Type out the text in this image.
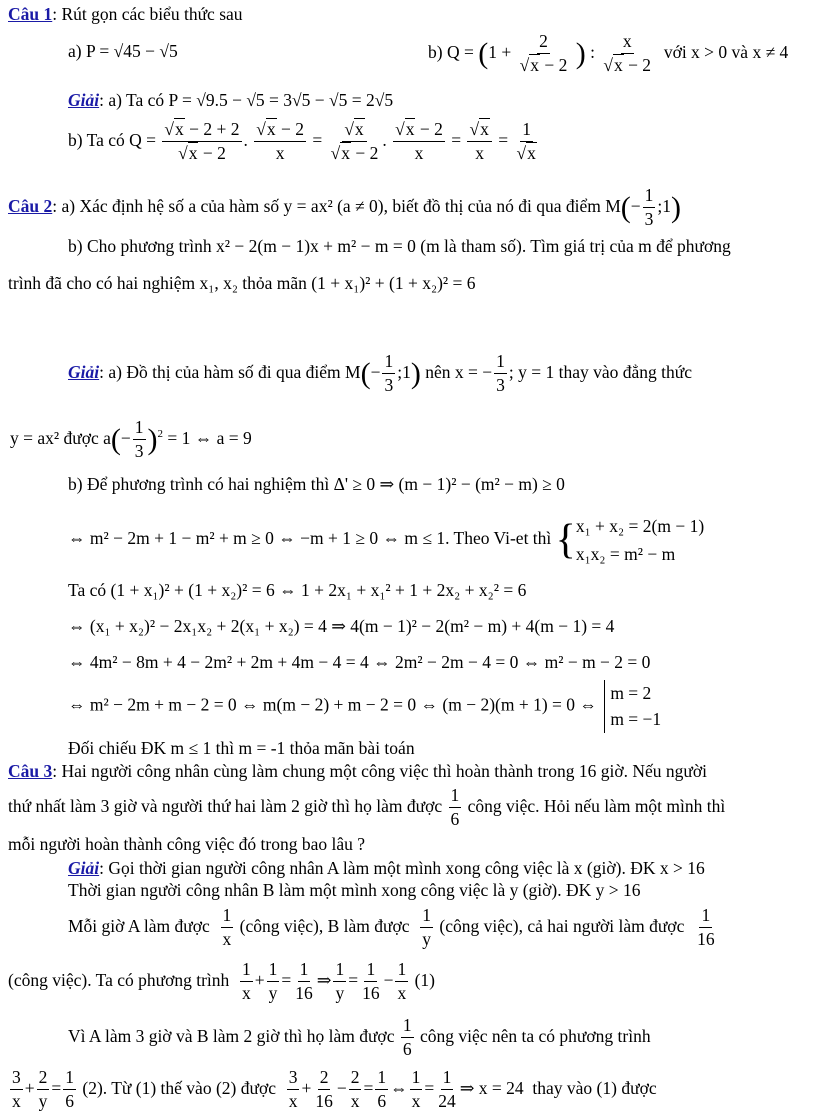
Câu 1: Rút gọn các biểu thức sau
a) P = √45 − √5	b) $Q = (1 + \frac{2}{√x - 2}$ ) : $\frac{x}{√x - 2}$ với x > 0 và x ≠ 4
Giải: a) Ta có P = √9.5 − √5 = 3√5 − √5 = 2√5
b) Ta có $Q = \frac{√x - 2 + 2}{√x - 2}$ . $\frac{√x - 2}{x} = \frac{√x}{√x - 2}$ . $\frac{√x - 2}{x} = \frac{√x}{x} = \frac{1}{√x}$
Câu 2: a) Xác định hệ số a của hàm số y = ax² (a ≠ 0), biết đồ thị của nó đi qua điểm $M(- \frac{1}{3}$ ;1)
b) Cho phương trình x² − 2(m − 1)x + m² − m = 0 (m là tham số). Tìm giá trị của m để phương
trình đã cho có hai nghiệm x₁, x₂ thỏa mãn (1 + x₁)² + (1 + x₂)² = 6
Giải: a) Đồ thị của hàm số đi qua điểm $M(- \frac{1}{3}$ ;1) nên x = − $\frac{1}{3}$ ; y = 1 thay vào đẳng thức
y = ax² được $a(- \frac{1}{3} )^2 = 1$ ⇔ a = 9
b) Để phương trình có hai nghiệm thì Δ' ≥ 0 ⇒ (m − 1)² − (m² − m) ≥ 0
⇔ m² − 2m + 1 − m² + m ≥ 0 ⇔ −m + 1 ≥ 0 ⇔ m ≤ 1. Theo Vi-et thì {x₁ + x₂ = 2(m − 1)
x₁x₂ = m² − m
Ta có (1 + x₁)² + (1 + x₂)² = 6 ⇔ 1 + 2x₁ + x₁² + 1 + 2x₂ + x₂² = 6
⇔ (x₁ + x₂)² − 2x₁x₂ + 2(x₁ + x₂) = 4 ⇒ 4(m − 1)² − 2(m² − m) + 4(m − 1) = 4
⇔ 4m² − 8m + 4 − 2m² + 2m + 4m − 4 = 4 ⇔ 2m² − 2m − 4 = 0 ⇔ m² − m − 2 = 0
⇔ m² − 2m + m − 2 = 0 ⇔ m(m − 2) + m − 2 = 0 ⇔ (m − 2)(m + 1) = 0 ⇔ m = 2
m = −1
Đối chiếu ĐK m ≤ 1 thì m = -1 thỏa mãn bài toán
Câu 3: Hai người công nhân cùng làm chung một công việc thì hoàn thành trong 16 giờ. Nếu người
thứ nhất làm 3 giờ và người thứ hai làm 2 giờ thì họ làm được $\frac{1}{6}$ công việc. Hỏi nếu làm một mình thì
mỗi người hoàn thành công việc đó trong bao lâu ?
Giải: Gọi thời gian người công nhân A làm một mình xong công việc là x (giờ). ĐK x > 16
Thời gian người công nhân B làm một mình xong công việc là y (giờ). ĐK y > 16
Mỗi giờ A làm được $\frac{1}{x}$ (công việc), B làm được $\frac{1}{y}$ (công việc), cả hai người làm được $\frac{1}{16}$
(công việc). Ta có phương trình $\frac{1}{x} + \frac{1}{y} = \frac{1}{16}$ ⇒ $\frac{1}{y} = \frac{1}{16} - \frac{1}{x} (1)$
Vì A làm 3 giờ và B làm 2 giờ thì họ làm được $\frac{1}{6}$ công việc nên ta có phương trình
$\frac{3}{x} + \frac{2}{y} = \frac{1}{6} (2)$. Từ (1) thế vào (2) được $\frac{3}{x} + \frac{2}{16} - \frac{2}{x} = \frac{1}{6}$ ⇔ $\frac{1}{x} = \frac{1}{24}$ ⇒ x = 24  thay vào (1) được
